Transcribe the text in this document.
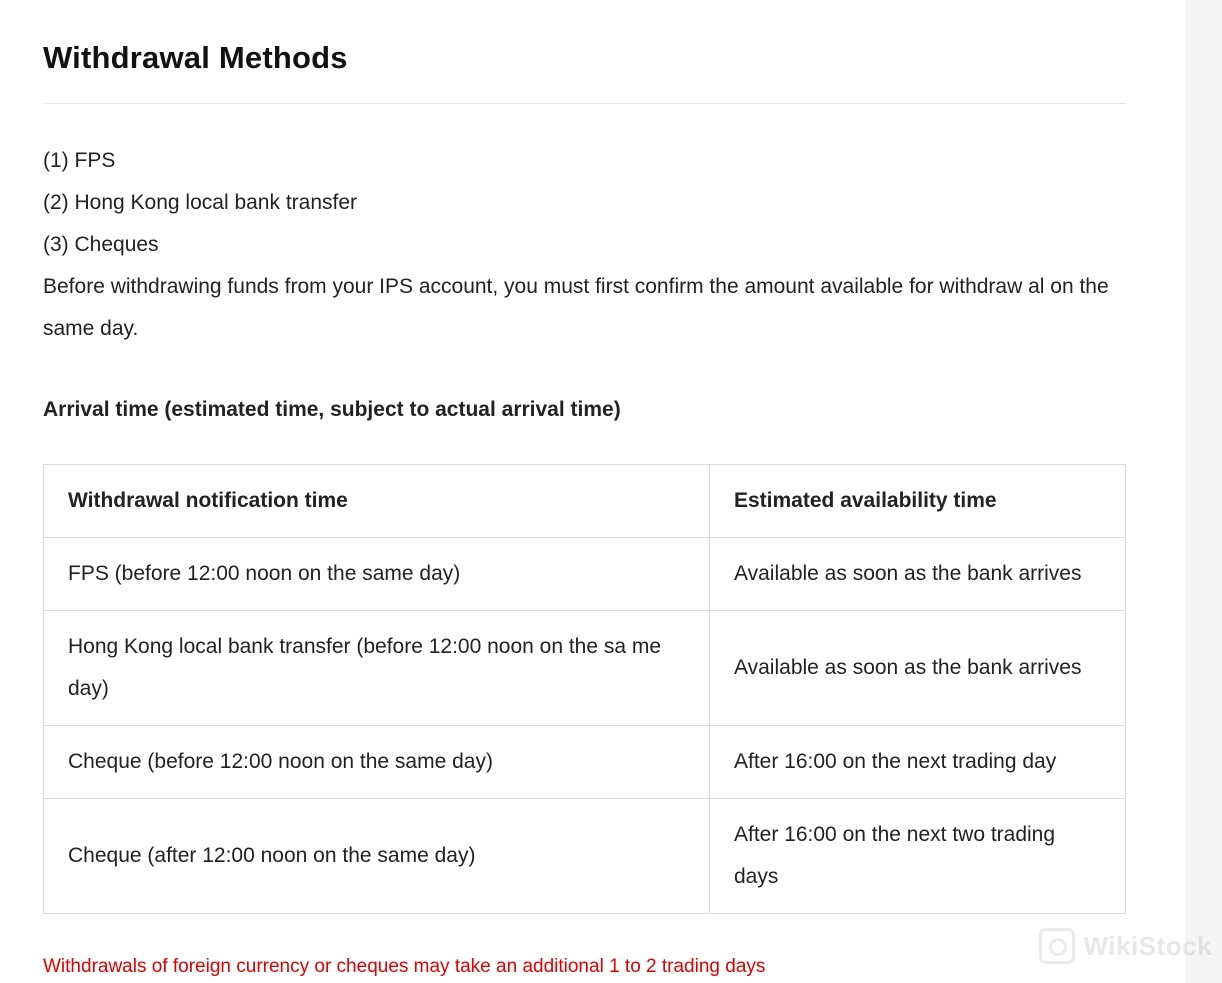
Withdrawal Methods
(1) FPS
(2) Hong Kong local bank transfer
(3) Cheques
Before withdrawing funds from your IPS account, you must first confirm the amount available for withdraw al on the same day.
Arrival time (estimated time, subject to actual arrival time)
Withdrawal notification time	Estimated availability time
FPS (before 12:00 noon on the same day)	Available as soon as the bank arrives
Hong Kong local bank transfer (before 12:00 noon on the sa me day)	Available as soon as the bank arrives
Cheque (before 12:00 noon on the same day)	After 16:00 on the next trading day
Cheque (after 12:00 noon on the same day)	After 16:00 on the next two trading days
Withdrawals of foreign currency or cheques may take an additional 1 to 2 trading days
WikiStock
